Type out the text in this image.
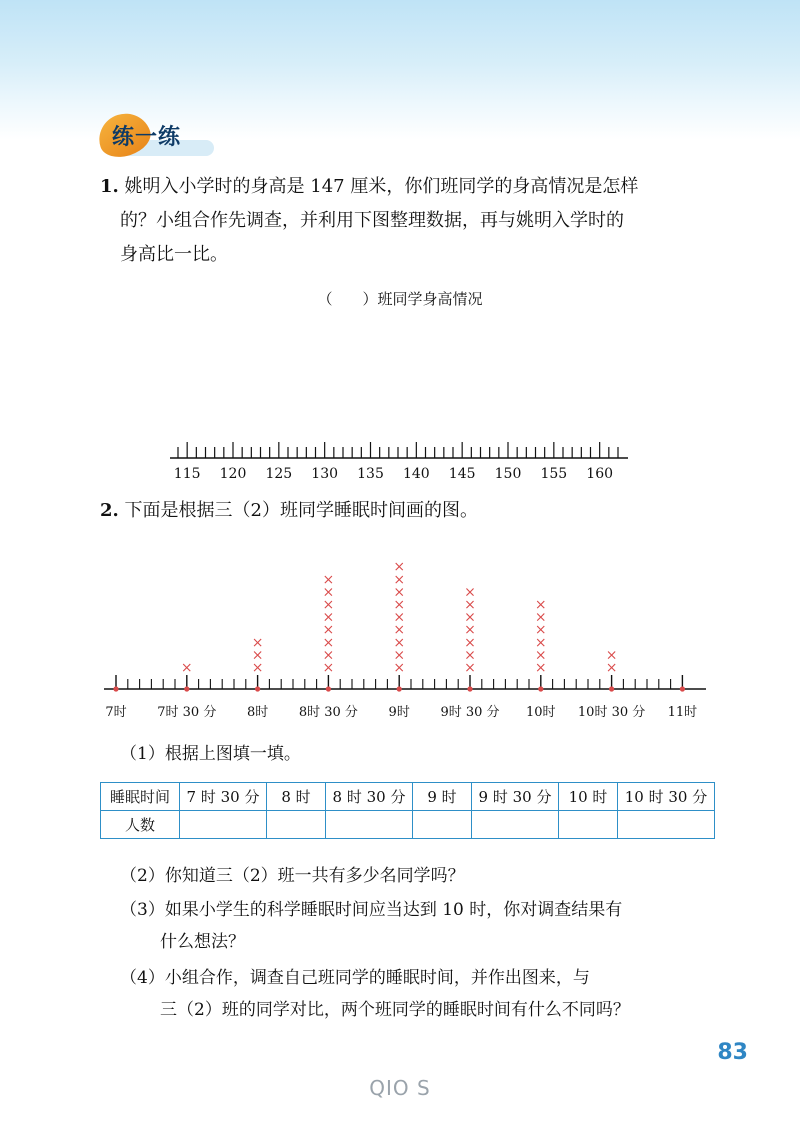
练一练
1. 姚明入小学时的身高是 147 厘米，你们班同学的身高情况是怎样
的？小组合作先调查，并利用下图整理数据，再与姚明入学时的
身高比一比。
（　　）班同学身高情况
115 120 125 130 135 140 145 150 155 160
2. 下面是根据三（2）班同学睡眠时间画的图。
7时 7时 30 分
×
8时
×
×
×
8时 30 分
×
×
×
×
×
×
×
×
9时
×
×
×
×
×
×
×
×
×
9时 30 分
×
×
×
×
×
×
×
10时
×
×
×
×
×
×
10时 30 分
×
×
11时
（1）根据上图填一填。
睡眠时间	7 时 30 分	8 时	8 时 30 分	9 时	9 时 30 分	10 时	10 时 30 分
人数							
（2）你知道三（2）班一共有多少名同学吗？
（3）如果小学生的科学睡眠时间应当达到 10 时，你对调查结果有
什么想法？
（4）小组合作，调查自己班同学的睡眠时间，并作出图来，与
三（2）班的同学对比，两个班同学的睡眠时间有什么不同吗？
83
QIO S
